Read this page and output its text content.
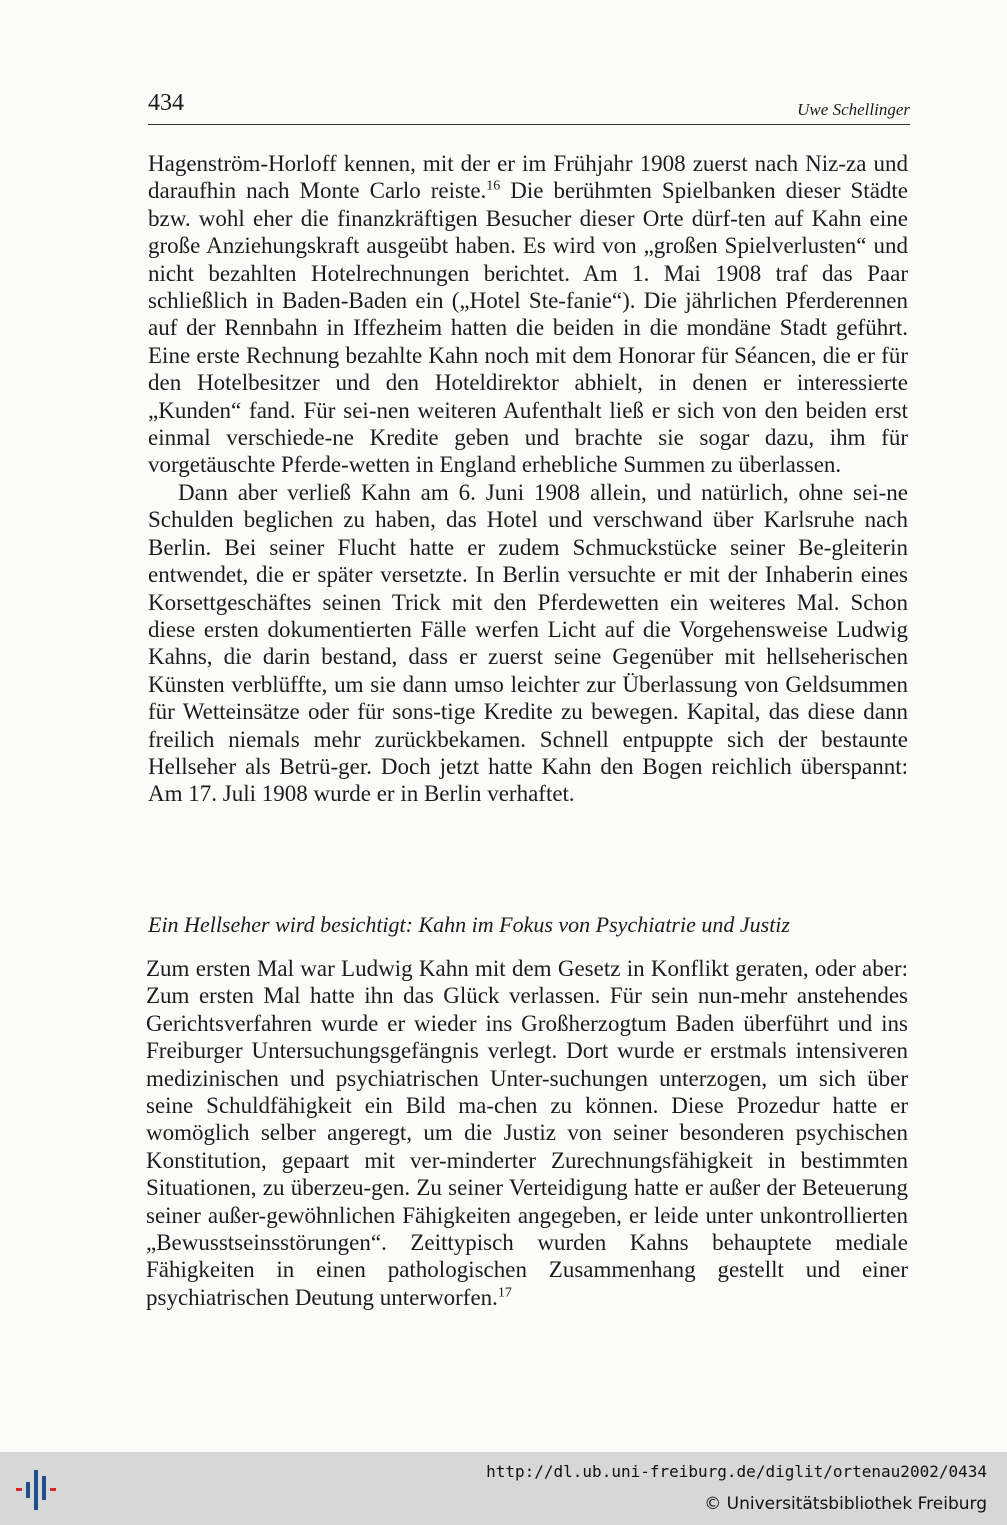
434	Uwe Schellinger

Hagenström-Horloff kennen, mit der er im Frühjahr 1908 zuerst nach Niz-za und daraufhin nach Monte Carlo reiste.$^{16}$ Die berühmten Spielbanken dieser Städte bzw. wohl eher die finanzkräftigen Besucher dieser Orte dürf-ten auf Kahn eine große Anziehungskraft ausgeübt haben. Es wird von „großen Spielverlusten“ und nicht bezahlten Hotelrechnungen berichtet. Am 1. Mai 1908 traf das Paar schließlich in Baden-Baden ein („Hotel Ste-fanie“). Die jährlichen Pferderennen auf der Rennbahn in Iffezheim hatten die beiden in die mondäne Stadt geführt. Eine erste Rechnung bezahlte Kahn noch mit dem Honorar für Séancen, die er für den Hotelbesitzer und den Hoteldirektor abhielt, in denen er interessierte „Kunden“ fand. Für sei-nen weiteren Aufenthalt ließ er sich von den beiden erst einmal verschiede-ne Kredite geben und brachte sie sogar dazu, ihm für vorgetäuschte Pferde-wetten in England erhebliche Summen zu überlassen.

Dann aber verließ Kahn am 6. Juni 1908 allein, und natürlich, ohne sei-ne Schulden beglichen zu haben, das Hotel und verschwand über Karlsruhe nach Berlin. Bei seiner Flucht hatte er zudem Schmuckstücke seiner Be-gleiterin entwendet, die er später versetzte. In Berlin versuchte er mit der Inhaberin eines Korsettgeschäftes seinen Trick mit den Pferdewetten ein weiteres Mal. Schon diese ersten dokumentierten Fälle werfen Licht auf die Vorgehensweise Ludwig Kahns, die darin bestand, dass er zuerst seine Gegenüber mit hellseherischen Künsten verblüffte, um sie dann umso leichter zur Überlassung von Geldsummen für Wetteinsätze oder für sons-tige Kredite zu bewegen. Kapital, das diese dann freilich niemals mehr zurückbekamen. Schnell entpuppte sich der bestaunte Hellseher als Betrü-ger. Doch jetzt hatte Kahn den Bogen reichlich überspannt: Am 17. Juli 1908 wurde er in Berlin verhaftet.

Ein Hellseher wird besichtigt: Kahn im Fokus von Psychiatrie und Justiz

Zum ersten Mal war Ludwig Kahn mit dem Gesetz in Konflikt geraten, oder aber: Zum ersten Mal hatte ihn das Glück verlassen. Für sein nun-mehr anstehendes Gerichtsverfahren wurde er wieder ins Großherzogtum Baden überführt und ins Freiburger Untersuchungsgefängnis verlegt. Dort wurde er erstmals intensiveren medizinischen und psychiatrischen Unter-suchungen unterzogen, um sich über seine Schuldfähigkeit ein Bild ma-chen zu können. Diese Prozedur hatte er womöglich selber angeregt, um die Justiz von seiner besonderen psychischen Konstitution, gepaart mit ver-minderter Zurechnungsfähigkeit in bestimmten Situationen, zu überzeu-gen. Zu seiner Verteidigung hatte er außer der Beteuerung seiner außer-gewöhnlichen Fähigkeiten angegeben, er leide unter unkontrollierten „Bewusstseinsstörungen“. Zeittypisch wurden Kahns behauptete mediale Fähigkeiten in einen pathologischen Zusammenhang gestellt und einer psychiatrischen Deutung unterworfen.$^{17}$

http://dl.ub.uni-freiburg.de/diglit/ortenau2002/0434
© Universitätsbibliothek Freiburg
